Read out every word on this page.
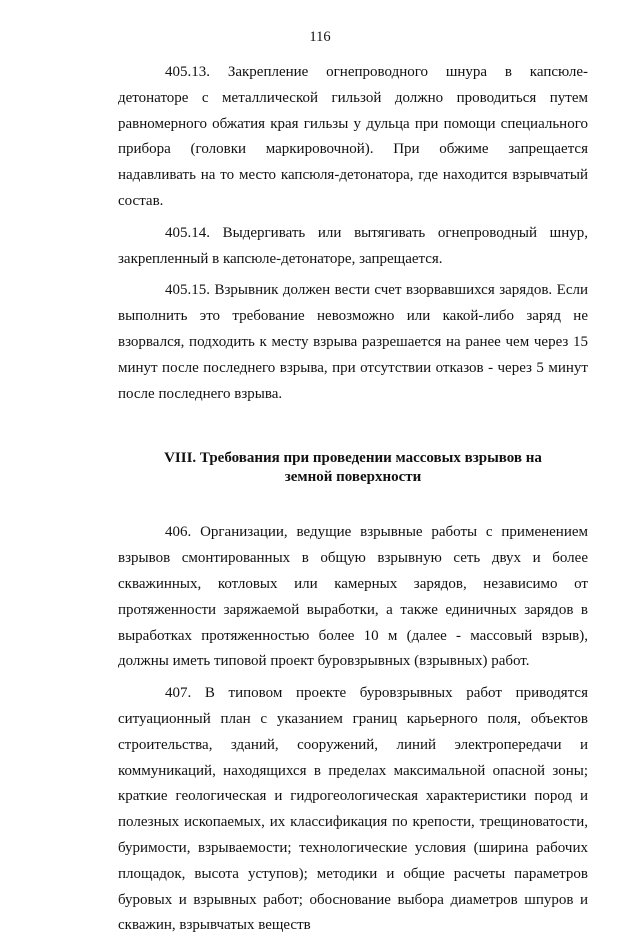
116

405.13. Закрепление огнепроводного шнура в капсюле-детонаторе с металлической гильзой должно проводиться путем равномерного обжатия края гильзы у дульца при помощи специального прибора (головки маркировочной). При обжиме запрещается надавливать на то место капсюля-детонатора, где находится взрывчатый состав.

405.14. Выдергивать или вытягивать огнепроводный шнур, закрепленный в капсюле-детонаторе, запрещается.

405.15. Взрывник должен вести счет взорвавшихся зарядов. Если выполнить это требование невозможно или какой-либо заряд не взорвался, подходить к месту взрыва разрешается на ранее чем через 15 минут после последнего взрыва, при отсутствии отказов - через 5 минут после последнего взрыва.

VIII. Требования при проведении массовых взрывов на земной поверхности

406. Организации, ведущие взрывные работы с применением взрывов смонтированных в общую взрывную сеть двух и более скважинных, котловых или камерных зарядов, независимо от протяженности заряжаемой выработки, а также единичных зарядов в выработках протяженностью более 10 м (далее - массовый взрыв), должны иметь типовой проект буровзрывных (взрывных) работ.

407. В типовом проекте буровзрывных работ приводятся ситуационный план с указанием границ карьерного поля, объектов строительства, зданий, сооружений, линий электропередачи и коммуникаций, находящихся в пределах максимальной опасной зоны; краткие геологическая и гидрогеологическая характеристики пород и полезных ископаемых, их классификация по крепости, трещиноватости, буримости, взрываемости; технологические условия (ширина рабочих площадок, высота уступов); методики и общие расчеты параметров буровых и взрывных работ; обоснование выбора диаметров шпуров и скважин, взрывчатых веществ
